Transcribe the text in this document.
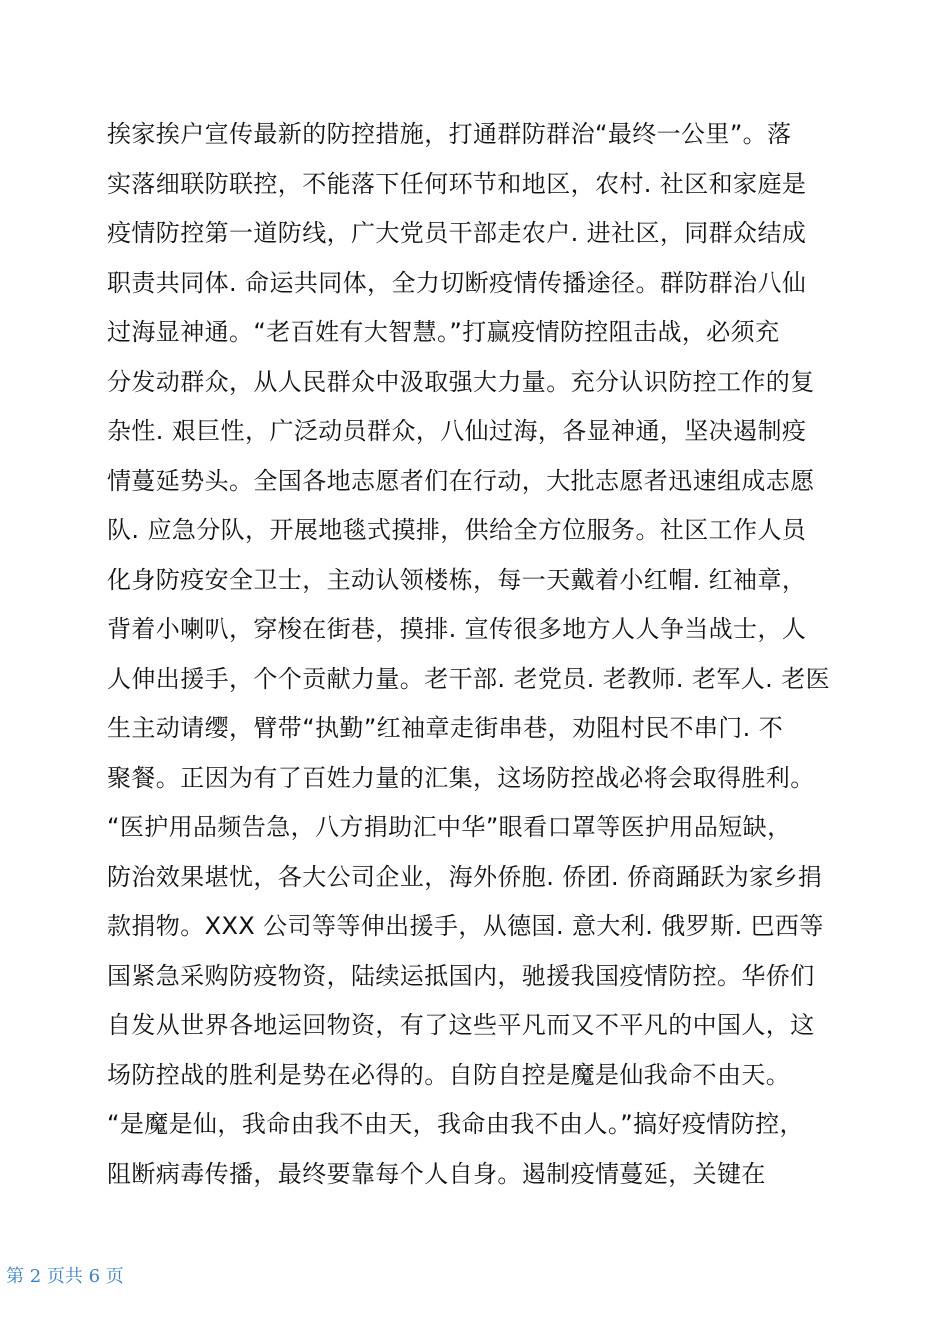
挨家挨户宣传最新的防控措施，打通群防群治“最终一公里”。落
实落细联防联控，不能落下任何环节和地区，农村. 社区和家庭是
疫情防控第一道防线，广大党员干部走农户. 进社区，同群众结成
职责共同体. 命运共同体，全力切断疫情传播途径。群防群治八仙
过海显神通。“老百姓有大智慧。”打赢疫情防控阻击战，必须充
分发动群众，从人民群众中汲取强大力量。充分认识防控工作的复
杂性. 艰巨性，广泛动员群众，八仙过海，各显神通，坚决遏制疫
情蔓延势头。全国各地志愿者们在行动，大批志愿者迅速组成志愿
队. 应急分队，开展地毯式摸排，供给全方位服务。社区工作人员
化身防疫安全卫士，主动认领楼栋，每一天戴着小红帽. 红袖章，
背着小喇叭，穿梭在街巷，摸排. 宣传很多地方人人争当战士，人
人伸出援手，个个贡献力量。老干部. 老党员. 老教师. 老军人. 老医
生主动请缨，臂带“执勤”红袖章走街串巷，劝阻村民不串门. 不
聚餐。正因为有了百姓力量的汇集，这场防控战必将会取得胜利。
“医护用品频告急，八方捐助汇中华”眼看口罩等医护用品短缺，
防治效果堪忧，各大公司企业，海外侨胞. 侨团. 侨商踊跃为家乡捐
款捐物。XXX 公司等等伸出援手，从德国. 意大利. 俄罗斯. 巴西等
国紧急采购防疫物资，陆续运抵国内，驰援我国疫情防控。华侨们
自发从世界各地运回物资，有了这些平凡而又不平凡的中国人，这
场防控战的胜利是势在必得的。自防自控是魔是仙我命不由天。
“是魔是仙，我命由我不由天，我命由我不由人。”搞好疫情防控，
阻断病毒传播，最终要靠每个人自身。遏制疫情蔓延，关键在
第 2 页共 6 页
